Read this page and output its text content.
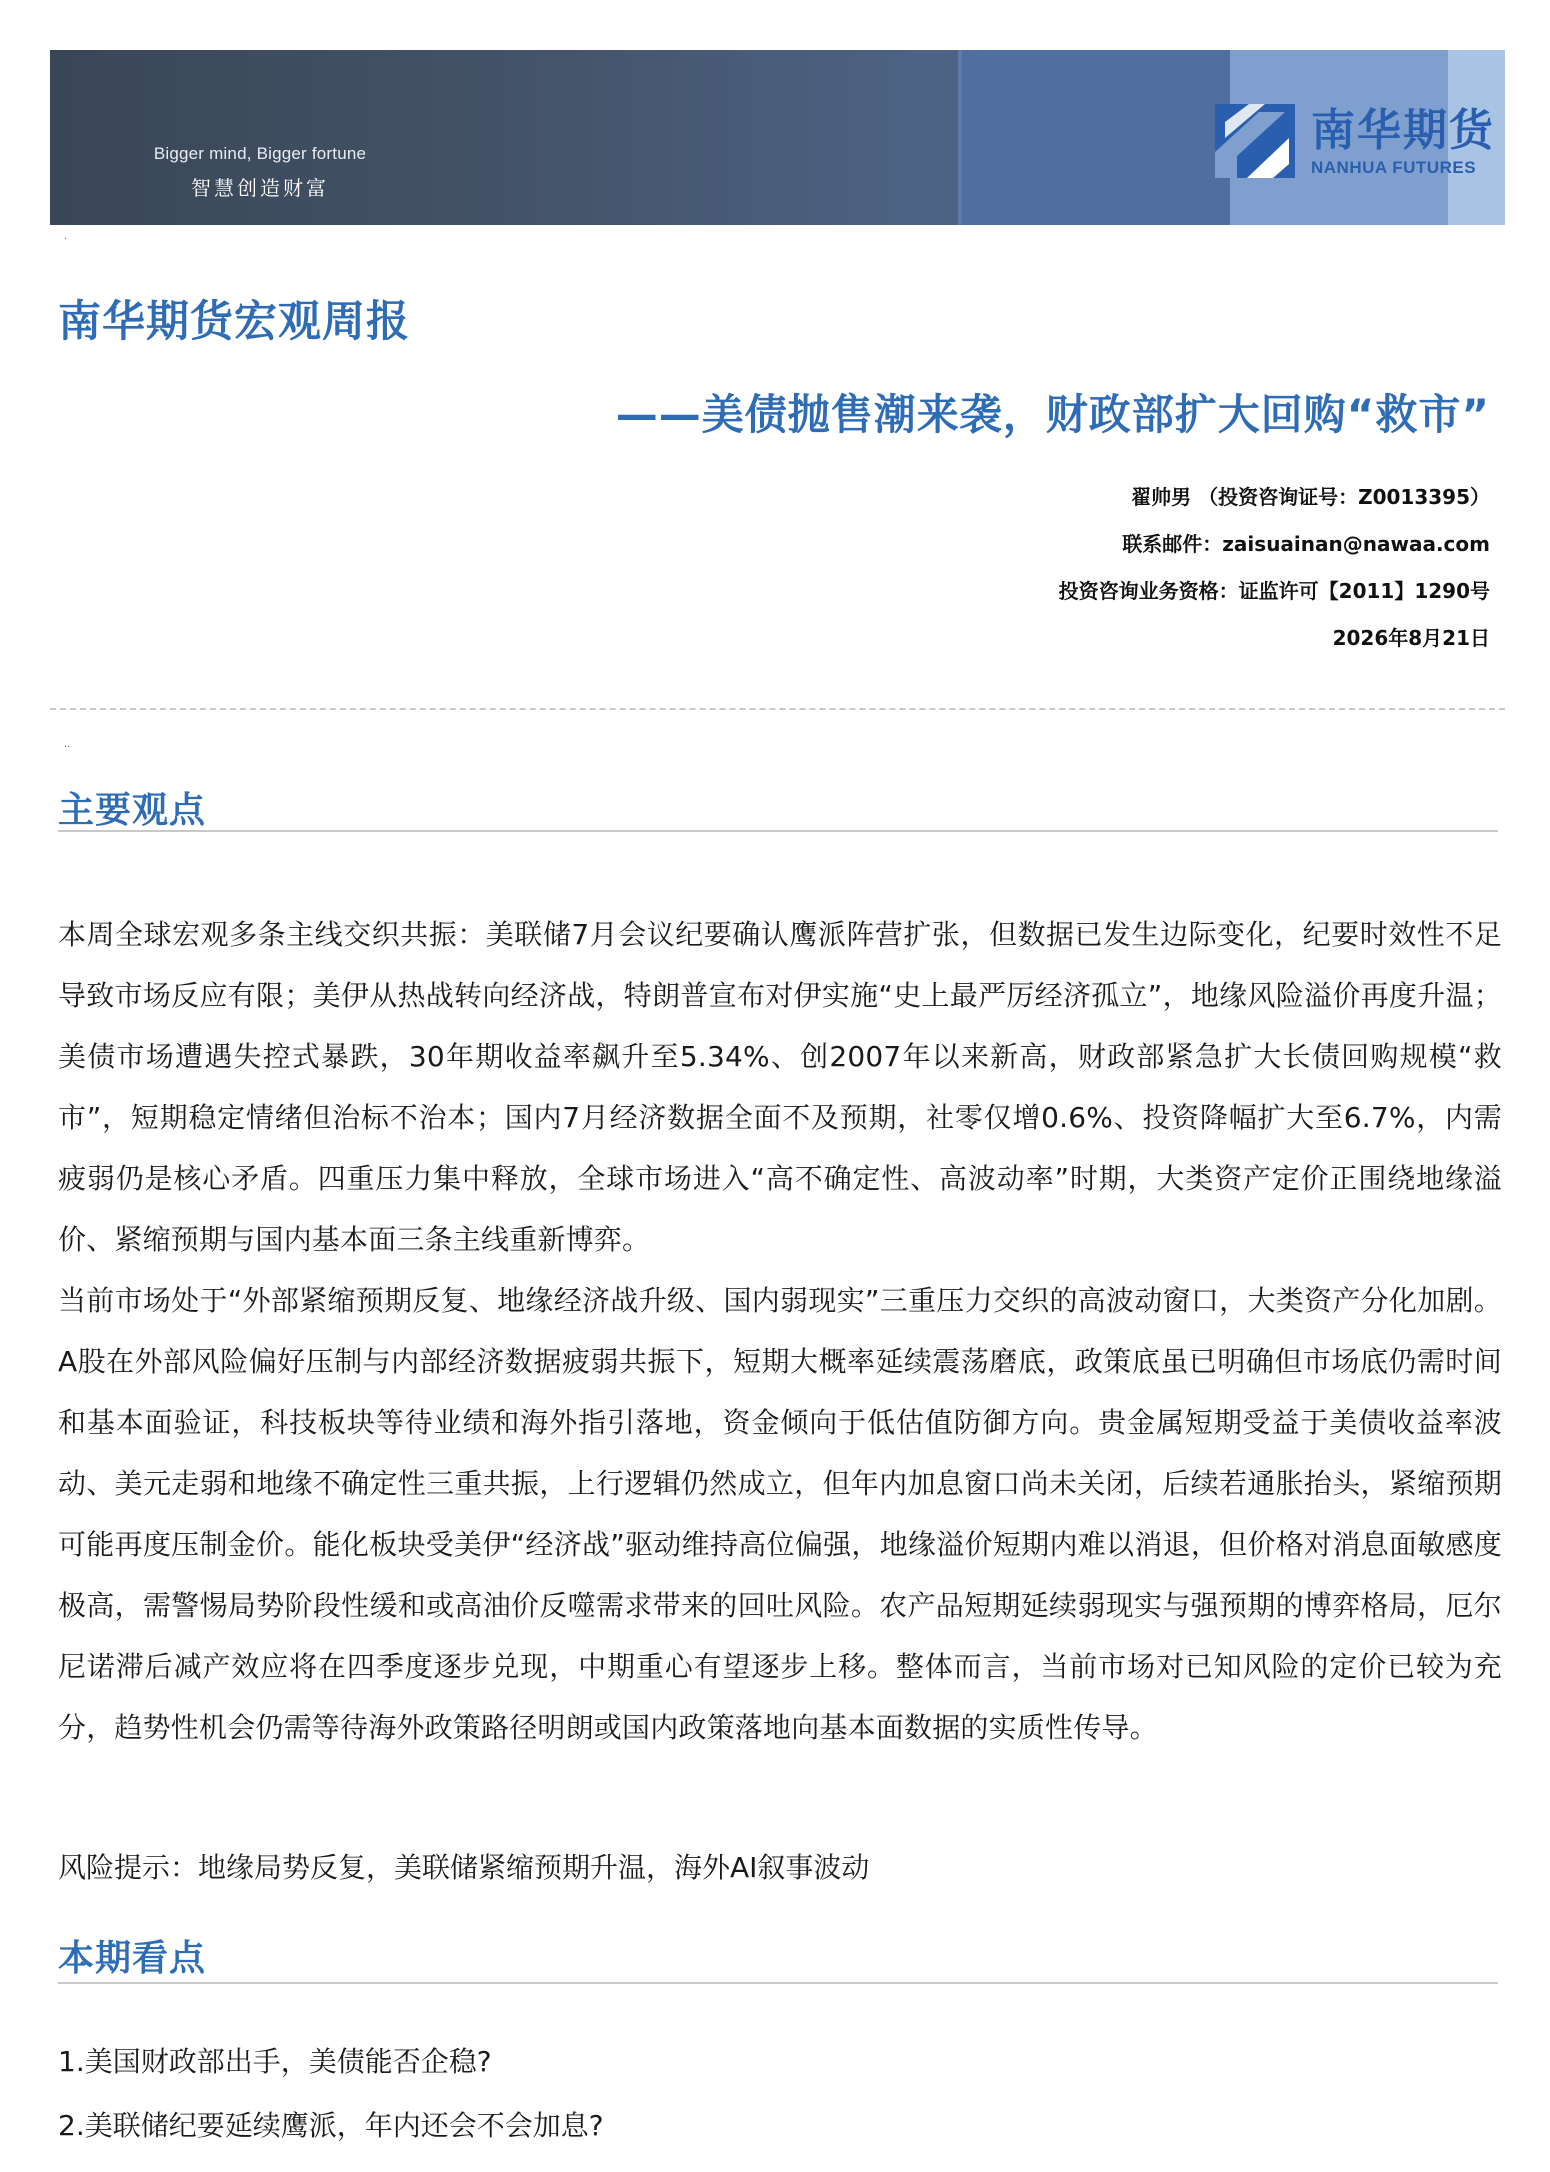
Bigger mind, Bigger fortune
智慧创造财富
南华期货
NANHUA FUTURES
·
南华期货宏观周报
——美债抛售潮来袭，财政部扩大回购“救市”
翟帅男 （投资咨询证号：Z0013395）
联系邮件：zaisuainan@nawaa.com
投资咨询业务资格：证监许可【2011】1290号
2026年8月21日
··
主要观点

本周全球宏观多条主线交织共振：美联储7月会议纪要确认鹰派阵营扩张，但数据已发生边际变化，纪要时效性不足导致市场反应有限；美伊从热战转向经济战，特朗普宣布对伊实施“史上最严厉经济孤立”，地缘风险溢价再度升温；美债市场遭遇失控式暴跌，30年期收益率飙升至5.34%、创2007年以来新高，财政部紧急扩大长债回购规模“救市”，短期稳定情绪但治标不治本；国内7月经济数据全面不及预期，社零仅增0.6%、投资降幅扩大至6.7%，内需疲弱仍是核心矛盾。四重压力集中释放，全球市场进入“高不确定性、高波动率”时期，大类资产定价正围绕地缘溢价、紧缩预期与国内基本面三条主线重新博弈。

当前市场处于“外部紧缩预期反复、地缘经济战升级、国内弱现实”三重压力交织的高波动窗口，大类资产分化加剧。A股在外部风险偏好压制与内部经济数据疲弱共振下，短期大概率延续震荡磨底，政策底虽已明确但市场底仍需时间和基本面验证，科技板块等待业绩和海外指引落地，资金倾向于低估值防御方向。贵金属短期受益于美债收益率波动、美元走弱和地缘不确定性三重共振，上行逻辑仍然成立，但年内加息窗口尚未关闭，后续若通胀抬头，紧缩预期可能再度压制金价。能化板块受美伊“经济战”驱动维持高位偏强，地缘溢价短期内难以消退，但价格对消息面敏感度极高，需警惕局势阶段性缓和或高油价反噬需求带来的回吐风险。农产品短期延续弱现实与强预期的博弈格局，厄尔尼诺滞后减产效应将在四季度逐步兑现，中期重心有望逐步上移。整体而言，当前市场对已知风险的定价已较为充分，趋势性机会仍需等待海外政策路径明朗或国内政策落地向基本面数据的实质性传导。

风险提示：地缘局势反复，美联储紧缩预期升温，海外AI叙事波动
本期看点
1.美国财政部出手，美债能否企稳?
2.美联储纪要延续鹰派，年内还会不会加息?
